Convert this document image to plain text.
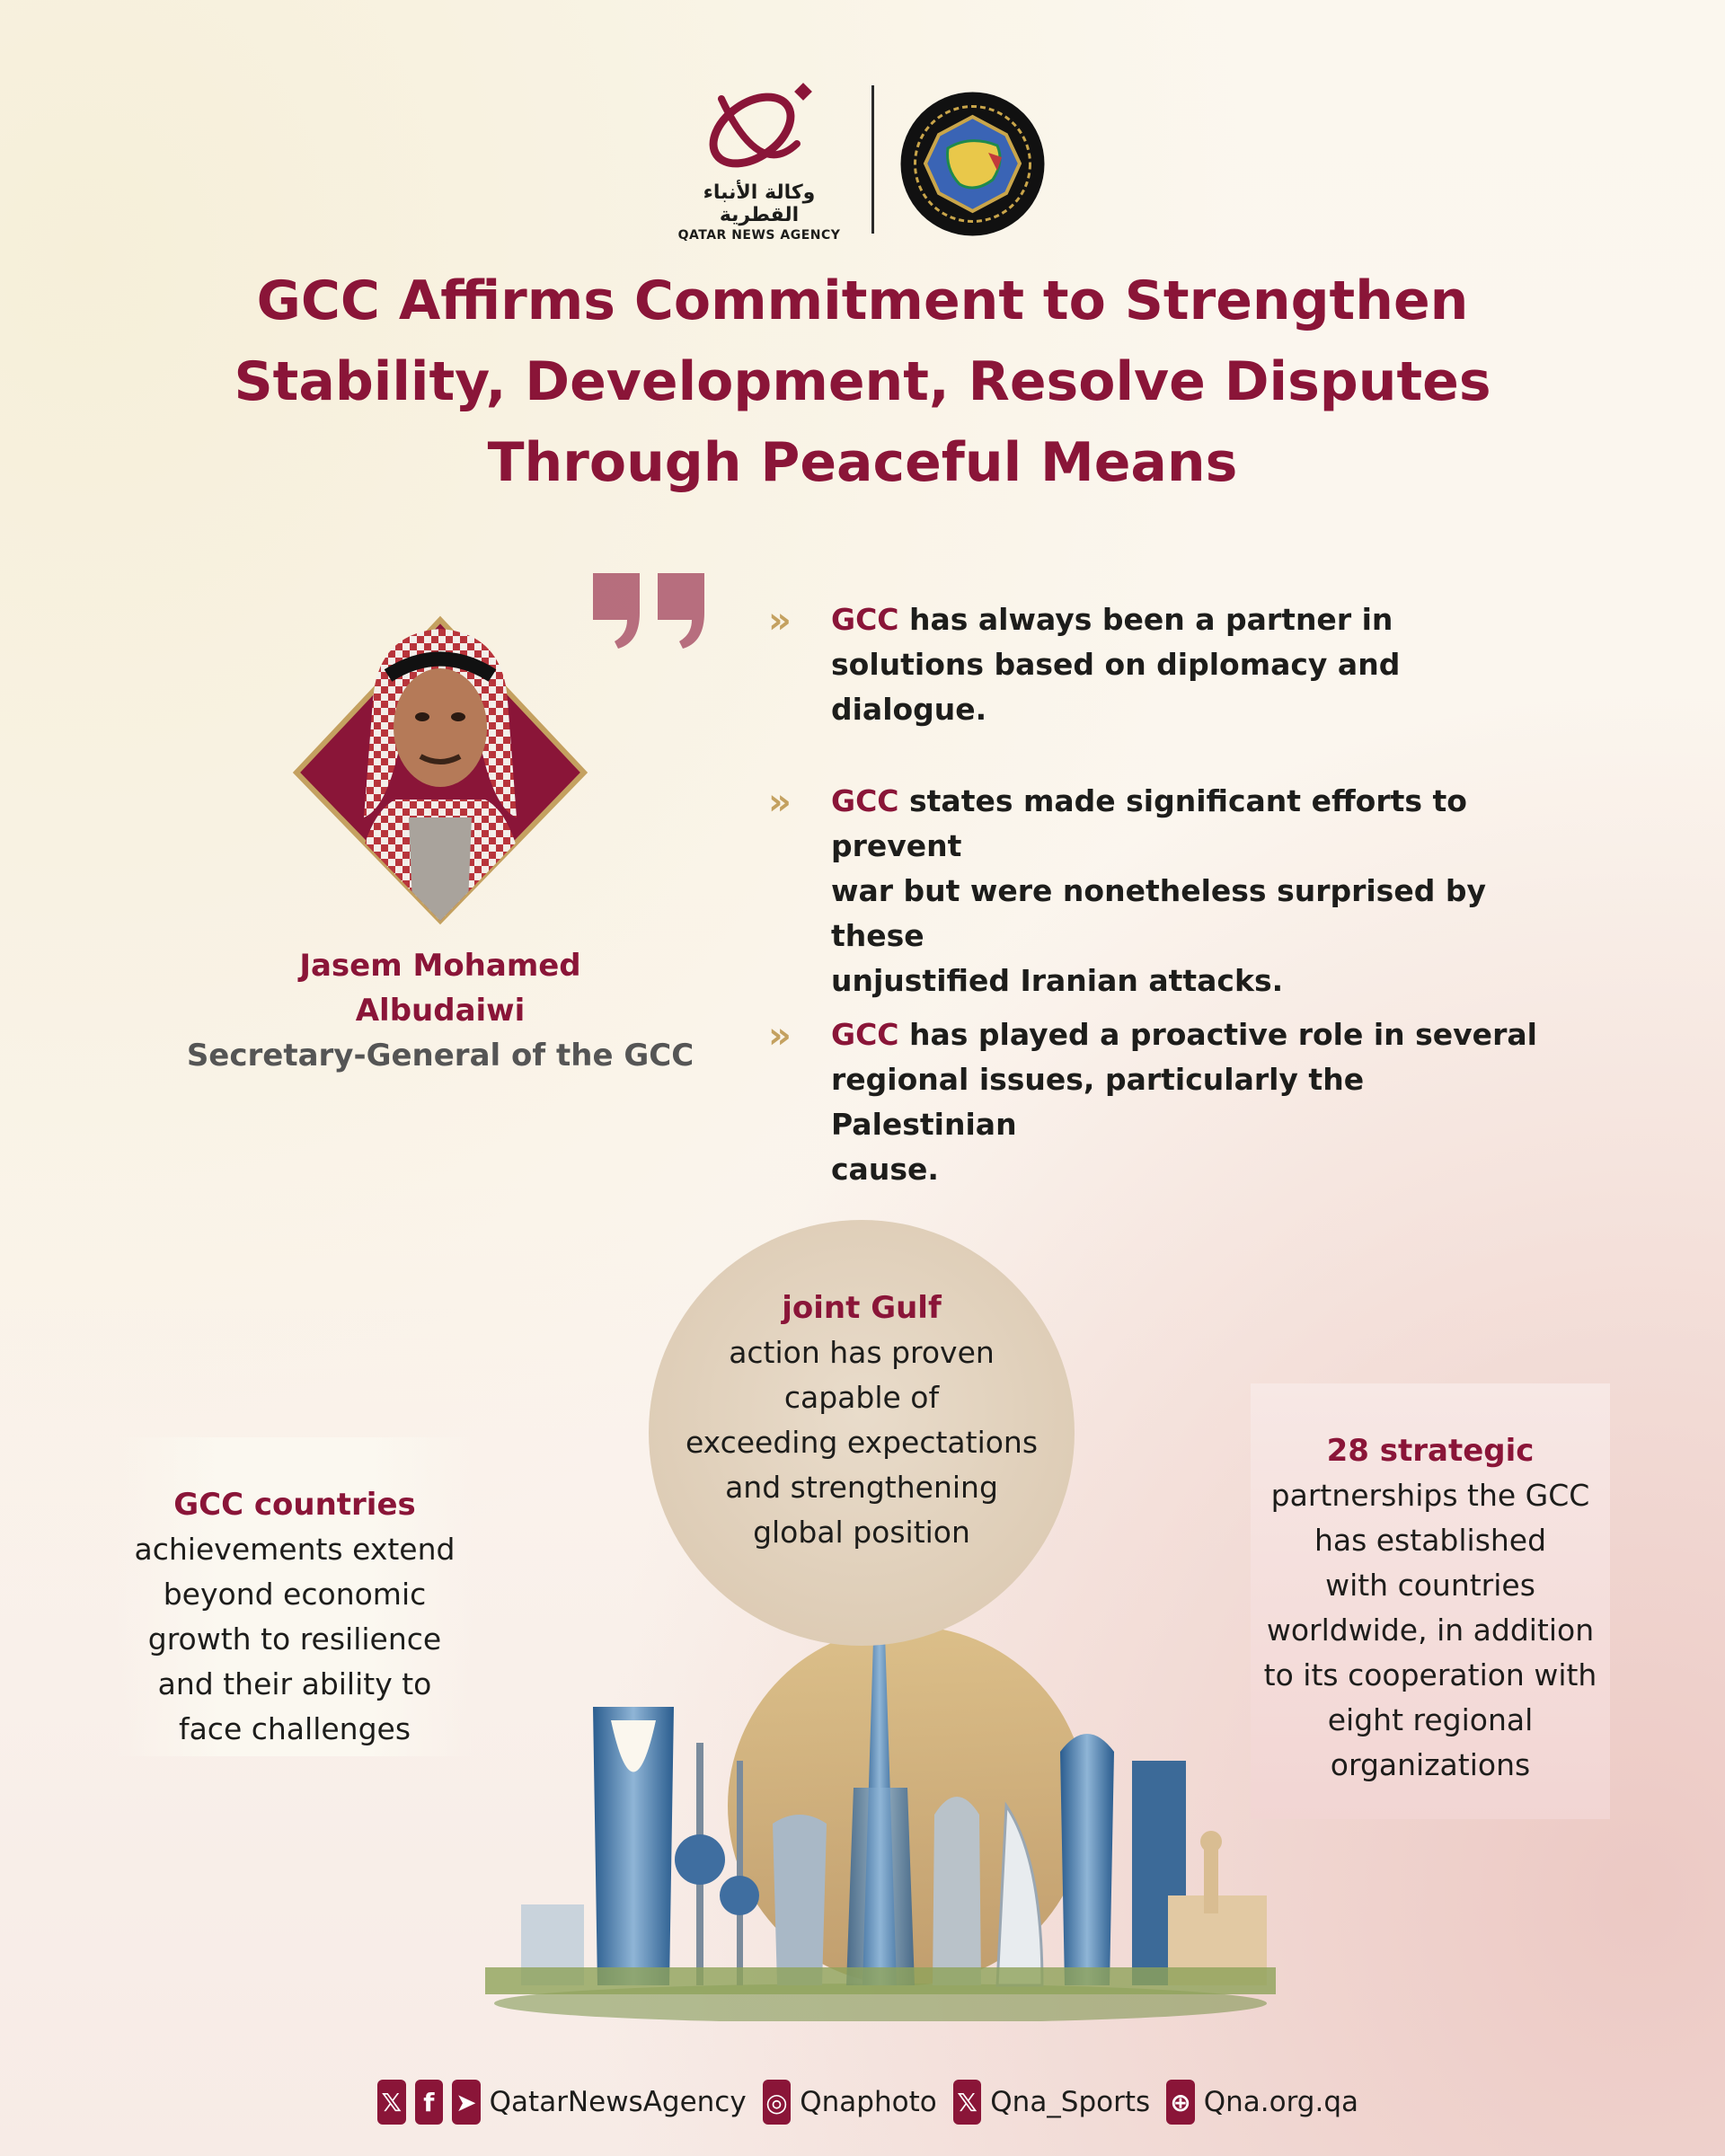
وكالة الأنباء القطرية
QATAR NEWS AGENCY
GCC Affirms Commitment to Strengthen
Stability, Development, Resolve Disputes
Through Peaceful Means
Jasem Mohamed
Albudaiwi
Secretary-General of the GCC
» GCC has always been a partner in
solutions based on diplomacy and
dialogue.
» GCC states made significant efforts to prevent
war but were nonetheless surprised by these
unjustified Iranian attacks.
» GCC has played a proactive role in several
regional issues, particularly the Palestinian
cause.
joint Gulf
action has proven
capable of
exceeding expectations
and strengthening
global position
GCC countries
achievements extend
beyond economic
growth to resilience
and their ability to
face challenges
28 strategic
partnerships the GCC
has established
with countries
worldwide, in addition
to its cooperation with
eight regional
organizations
𝕏 f ➤ QatarNewsAgency ◎ Qnaphoto 𝕏 Qna_Sports ⊕ Qna.org.qa
